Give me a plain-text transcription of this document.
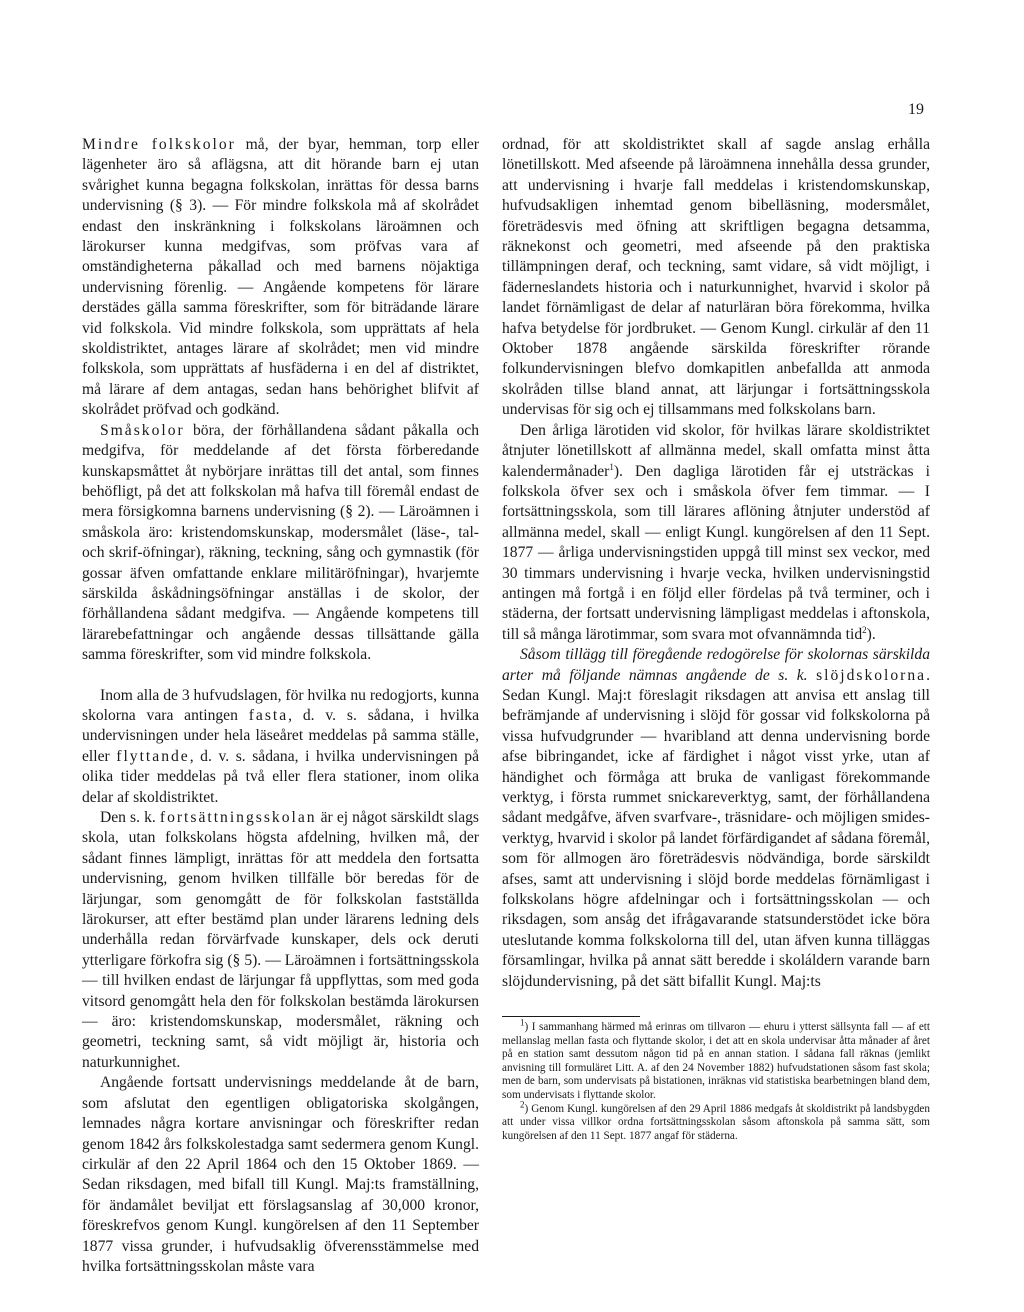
19

Mindre folkskolor må, der byar, hemman, torp eller lägenheter äro så aflägsna, att dit hörande barn ej utan svårighet kunna begagna folkskolan, inrättas för dessa barns undervisning (§ 3). — För mindre folkskola må af skolrådet endast den inskränkning i folkskolans läroämnen och lärokurser kunna medgifvas, som pröfvas vara af omständigheterna påkallad och med barnens nöjaktiga undervisning förenlig. — Angående kompetens för lärare derstädes gälla samma föreskrifter, som för biträdande lärare vid folkskola. Vid mindre folkskola, som upprättats af hela skoldistriktet, antages lärare af skolrådet; men vid mindre folkskola, som upprättats af husfäderna i en del af distriktet, må lärare af dem antagas, sedan hans behörighet blifvit af skolrådet pröfvad och godkänd.

Småskolor böra, der förhållandena sådant påkalla och medgifva, för meddelande af det första förberedande kunskapsmåttet åt nybörjare inrättas till det antal, som finnes behöfligt, på det att folkskolan må hafva till föremål endast de mera försigkomna barnens undervisning (§ 2). — Läroämnen i småskola äro: kristendomskunskap, modersmålet (läse-, tal- och skrif-öfningar), räkning, teckning, sång och gymnastik (för gossar äfven omfattande enklare militäröfningar), hvarjemte särskilda åskådningsöfningar anställas i de skolor, der förhållandena sådant medgifva. — Angående kompetens till lärarebefattningar och angående dessas tillsättande gälla samma föreskrifter, som vid mindre folkskola.

Inom alla de 3 hufvudslagen, för hvilka nu redogjorts, kunna skolorna vara antingen fasta, d. v. s. sådana, i hvilka undervisningen under hela läseåret meddelas på samma ställe, eller flyttande, d. v. s. sådana, i hvilka undervisningen på olika tider meddelas på två eller flera stationer, inom olika delar af skoldistriktet.

Den s. k. fortsättningsskolan är ej något särskildt slags skola, utan folkskolans högsta afdelning, hvilken må, der sådant finnes lämpligt, inrättas för att meddela den fortsatta undervisning, genom hvilken tillfälle bör beredas för de lärjungar, som genomgått de för folkskolan fastställda lärokurser, att efter bestämd plan under lärarens ledning dels underhålla redan förvärfvade kunskaper, dels ock deruti ytterligare förkofra sig (§ 5). — Läroämnen i fortsättningsskola — till hvilken endast de lärjungar få uppflyttas, som med goda vitsord genomgått hela den för folkskolan bestämda lärokursen — äro: kristendomskunskap, modersmålet, räkning och geometri, teckning samt, så vidt möjligt är, historia och naturkunnighet.

Angående fortsatt undervisnings meddelande åt de barn, som afslutat den egentligen obligatoriska skolgången, lemnades några kortare anvisningar och föreskrifter redan genom 1842 års folkskolestadga samt sedermera genom Kungl. cirkulär af den 22 April 1864 och den 15 Oktober 1869. — Sedan riksdagen, med bifall till Kungl. Maj:ts framställning, för ändamålet beviljat ett förslagsanslag af 30,000 kronor, föreskrefvos genom Kungl. kungörelsen af den 11 September 1877 vissa grunder, i hufvudsaklig öfverensstämmelse med hvilka fortsättningsskolan måste vara

ordnad, för att skoldistriktet skall af sagde anslag erhålla lönetillskott. Med afseende på läroämnena innehålla dessa grunder, att undervisning i hvarje fall meddelas i kristendomskunskap, hufvudsakligen inhemtad genom bibelläsning, modersmålet, företrädesvis med öfning att skriftligen begagna detsamma, räknekonst och geometri, med afseende på den praktiska tillämpningen deraf, och teckning, samt vidare, så vidt möjligt, i fäderneslandets historia och i naturkunnighet, hvarvid i skolor på landet förnämligast de delar af naturläran böra förekomma, hvilka hafva betydelse för jordbruket. — Genom Kungl. cirkulär af den 11 Oktober 1878 angående särskilda föreskrifter rörande folkundervisningen blefvo domkapitlen anbefallda att anmoda skolråden tillse bland annat, att lärjungar i fortsättningsskola undervisas för sig och ej tillsammans med folkskolans barn.

Den årliga lärotiden vid skolor, för hvilkas lärare skoldistriktet åtnjuter lönetillskott af allmänna medel, skall omfatta minst åtta kalendermånader$^1$). Den dagliga lärotiden får ej utsträckas i folkskola öfver sex och i småskola öfver fem timmar. — I fortsättningsskola, som till lärares aflöning åtnjuter understöd af allmänna medel, skall — enligt Kungl. kungörelsen af den 11 Sept. 1877 — årliga undervisningstiden uppgå till minst sex veckor, med 30 timmars undervisning i hvarje vecka, hvilken undervisningstid antingen må fortgå i en följd eller fördelas på två terminer, och i städerna, der fortsatt undervisning lämpligast meddelas i aftonskola, till så många lärotimmar, som svara mot ofvannämnda tid$^2$).

Såsom tillägg till föregående redogörelse för skolornas särskilda arter må följande nämnas angående de s. k. slöjdskolorna. Sedan Kungl. Maj:t föreslagit riksdagen att anvisa ett anslag till befrämjande af undervisning i slöjd för gossar vid folkskolorna på vissa hufvudgrunder — hvaribland att denna undervisning borde afse bibringandet, icke af färdighet i något visst yrke, utan af händighet och förmåga att bruka de vanligast förekommande verktyg, i första rummet snickareverktyg, samt, der förhållandena sådant medgåfve, äfven svarfvare-, träsnidare- och möjligen smides-verktyg, hvarvid i skolor på landet förfärdigandet af sådana föremål, som för allmogen äro företrädesvis nödvändiga, borde särskildt afses, samt att undervisning i slöjd borde meddelas förnämligast i folkskolans högre afdelningar och i fortsättningsskolan — och riksdagen, som ansåg det ifrågavarande statsunderstödet icke böra uteslutande komma folkskolorna till del, utan äfven kunna tilläggas församlingar, hvilka på annat sätt beredde i skoláldern varande barn slöjdundervisning, på det sätt bifallit Kungl. Maj:ts

$^1$) I sammanhang härmed må erinras om tillvaron — ehuru i ytterst sällsynta fall — af ett mellanslag mellan fasta och flyttande skolor, i det att en skola undervisar åtta månader af året på en station samt dessutom någon tid på en annan station. I sådana fall räknas (jemlikt anvisning till formuläret Litt. A. af den 24 November 1882) hufvudstationen såsom fast skola; men de barn, som undervisats på bistationen, inräknas vid statistiska bearbetningen bland dem, som undervisats i flyttande skolor.

$^2$) Genom Kungl. kungörelsen af den 29 April 1886 medgafs åt skoldistrikt på landsbygden att under vissa villkor ordna fortsättningsskolan såsom aftonskola på samma sätt, som kungörelsen af den 11 Sept. 1877 angaf för städerna.
